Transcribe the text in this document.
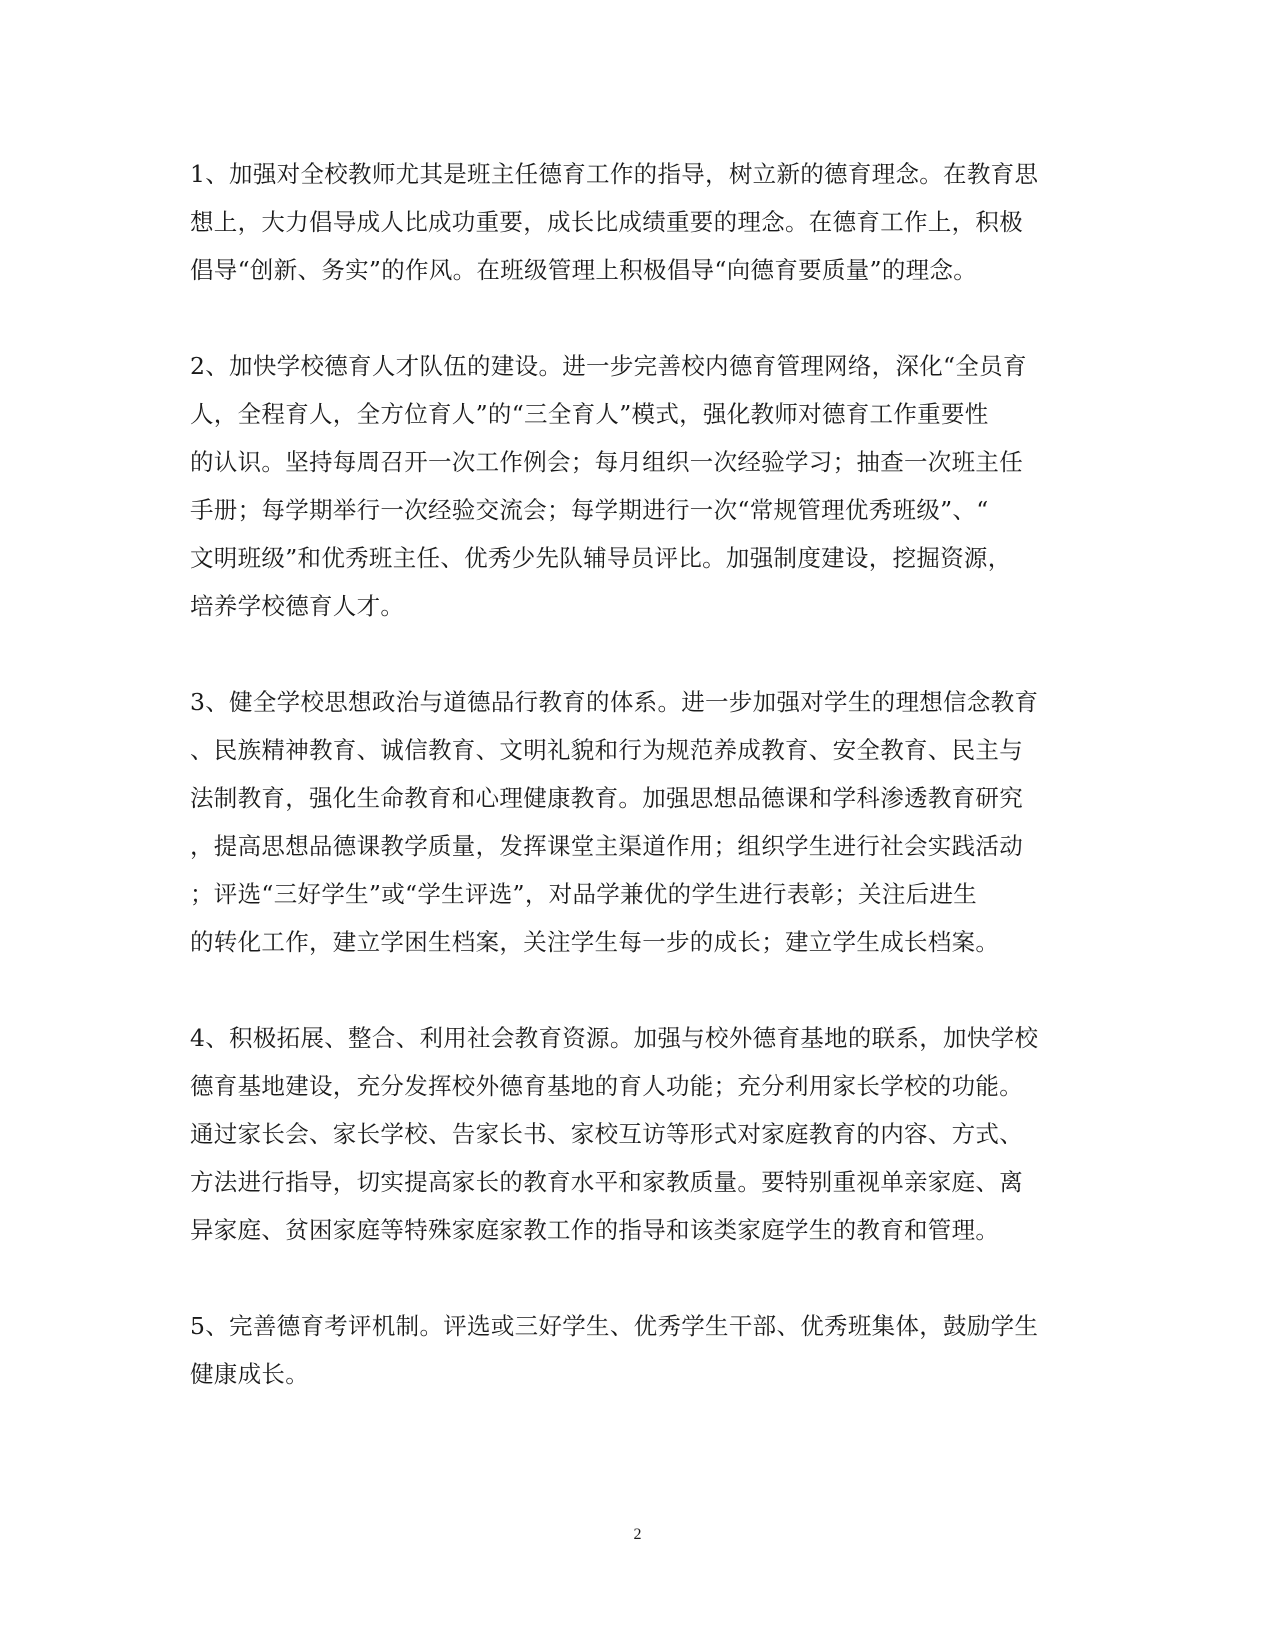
1、加强对全校教师尤其是班主任德育工作的指导，树立新的德育理念。在教育思
想上，大力倡导成人比成功重要，成长比成绩重要的理念。在德育工作上，积极
倡导“创新、务实”的作风。在班级管理上积极倡导“向德育要质量”的理念。
2、加快学校德育人才队伍的建设。进一步完善校内德育管理网络，深化“全员育
人，全程育人，全方位育人”的“三全育人”模式，强化教师对德育工作重要性
的认识。坚持每周召开一次工作例会；每月组织一次经验学习；抽查一次班主任
手册；每学期举行一次经验交流会；每学期进行一次“常规管理优秀班级”、“
文明班级”和优秀班主任、优秀少先队辅导员评比。加强制度建设，挖掘资源，
培养学校德育人才。
3、健全学校思想政治与道德品行教育的体系。进一步加强对学生的理想信念教育
、民族精神教育、诚信教育、文明礼貌和行为规范养成教育、安全教育、民主与
法制教育，强化生命教育和心理健康教育。加强思想品德课和学科渗透教育研究
，提高思想品德课教学质量，发挥课堂主渠道作用；组织学生进行社会实践活动
；评选“三好学生”或“学生评选”，对品学兼优的学生进行表彰；关注后进生
的转化工作，建立学困生档案，关注学生每一步的成长；建立学生成长档案。
4、积极拓展、整合、利用社会教育资源。加强与校外德育基地的联系，加快学校
德育基地建设，充分发挥校外德育基地的育人功能；充分利用家长学校的功能。
通过家长会、家长学校、告家长书、家校互访等形式对家庭教育的内容、方式、
方法进行指导，切实提高家长的教育水平和家教质量。要特别重视单亲家庭、离
异家庭、贫困家庭等特殊家庭家教工作的指导和该类家庭学生的教育和管理。
5、完善德育考评机制。评选或三好学生、优秀学生干部、优秀班集体，鼓励学生
健康成长。
2
